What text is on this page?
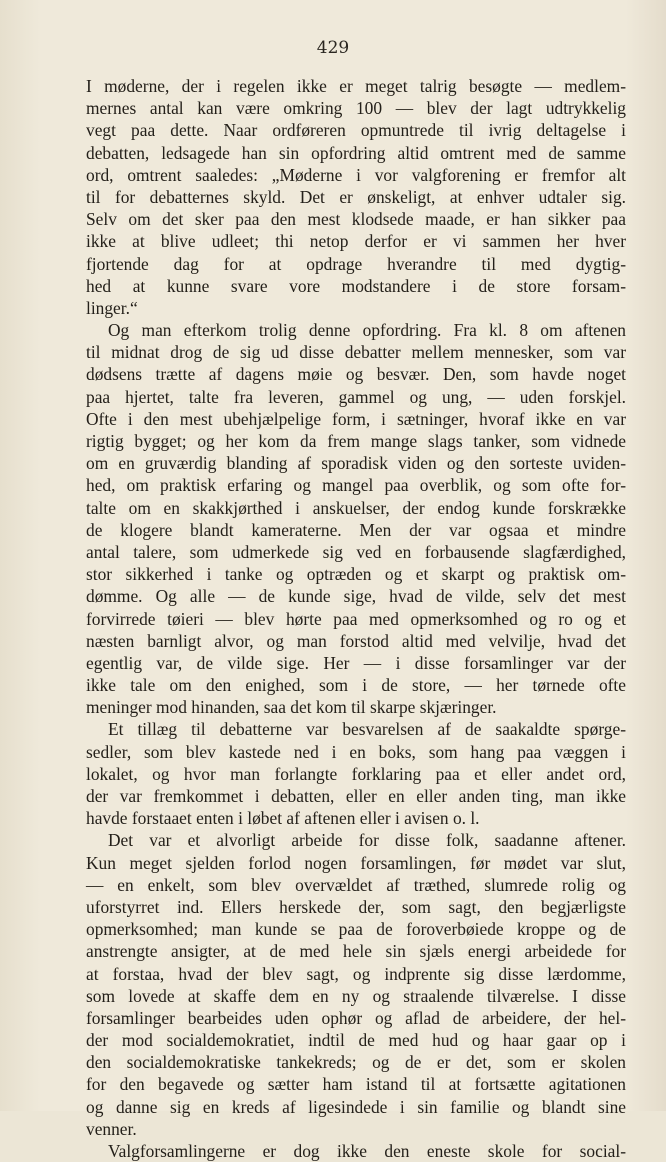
429
I møderne, der i regelen ikke er meget talrig besøgte — medlem-
mernes antal kan være omkring 100 — blev der lagt udtrykkelig
vegt paa dette. Naar ordføreren opmuntrede til ivrig deltagelse i
debatten, ledsagede han sin opfordring altid omtrent med de samme
ord, omtrent saaledes: „Møderne i vor valgforening er fremfor alt
til for debatternes skyld. Det er ønskeligt, at enhver udtaler sig.
Selv om det sker paa den mest klodsede maade, er han sikker paa
ikke at blive udleet; thi netop derfor er vi sammen her hver
fjortende dag for at opdrage hverandre til med dygtig-
hed at kunne svare vore modstandere i de store forsam-
linger.“
Og man efterkom trolig denne opfordring. Fra kl. 8 om aftenen
til midnat drog de sig ud disse debatter mellem mennesker, som var
dødsens trætte af dagens møie og besvær. Den, som havde noget
paa hjertet, talte fra leveren, gammel og ung, — uden forskjel.
Ofte i den mest ubehjælpelige form, i sætninger, hvoraf ikke en var
rigtig bygget; og her kom da frem mange slags tanker, som vidnede
om en gruværdig blanding af sporadisk viden og den sorteste uviden-
hed, om praktisk erfaring og mangel paa overblik, og som ofte for-
talte om en skakkjørthed i anskuelser, der endog kunde forskrække
de klogere blandt kameraterne. Men der var ogsaa et mindre
antal talere, som udmerkede sig ved en forbausende slagfærdighed,
stor sikkerhed i tanke og optræden og et skarpt og praktisk om-
dømme. Og alle — de kunde sige, hvad de vilde, selv det mest
forvirrede tøieri — blev hørte paa med opmerksomhed og ro og et
næsten barnligt alvor, og man forstod altid med velvilje, hvad det
egentlig var, de vilde sige. Her — i disse forsamlinger var der
ikke tale om den enighed, som i de store, — her tørnede ofte
meninger mod hinanden, saa det kom til skarpe skjæringer.
Et tillæg til debatterne var besvarelsen af de saakaldte spørge-
sedler, som blev kastede ned i en boks, som hang paa væggen i
lokalet, og hvor man forlangte forklaring paa et eller andet ord,
der var fremkommet i debatten, eller en eller anden ting, man ikke
havde forstaaet enten i løbet af aftenen eller i avisen o. l.
Det var et alvorligt arbeide for disse folk, saadanne aftener.
Kun meget sjelden forlod nogen forsamlingen, før mødet var slut,
— en enkelt, som blev overvældet af træthed, slumrede rolig og
uforstyrret ind. Ellers herskede der, som sagt, den begjærligste
opmerksomhed; man kunde se paa de foroverbøiede kroppe og de
anstrengte ansigter, at de med hele sin sjæls energi arbeidede for
at forstaa, hvad der blev sagt, og indprente sig disse lærdomme,
som lovede at skaffe dem en ny og straalende tilværelse. I disse
forsamlinger bearbeides uden ophør og aflad de arbeidere, der hel-
der mod socialdemokratiet, indtil de med hud og haar gaar op i
den socialdemokratiske tankekreds; og de er det, som er skolen
for den begavede og sætter ham istand til at fortsætte agitationen
og danne sig en kreds af ligesindede i sin familie og blandt sine
venner.
Valgforsamlingerne er dog ikke den eneste skole for social-
